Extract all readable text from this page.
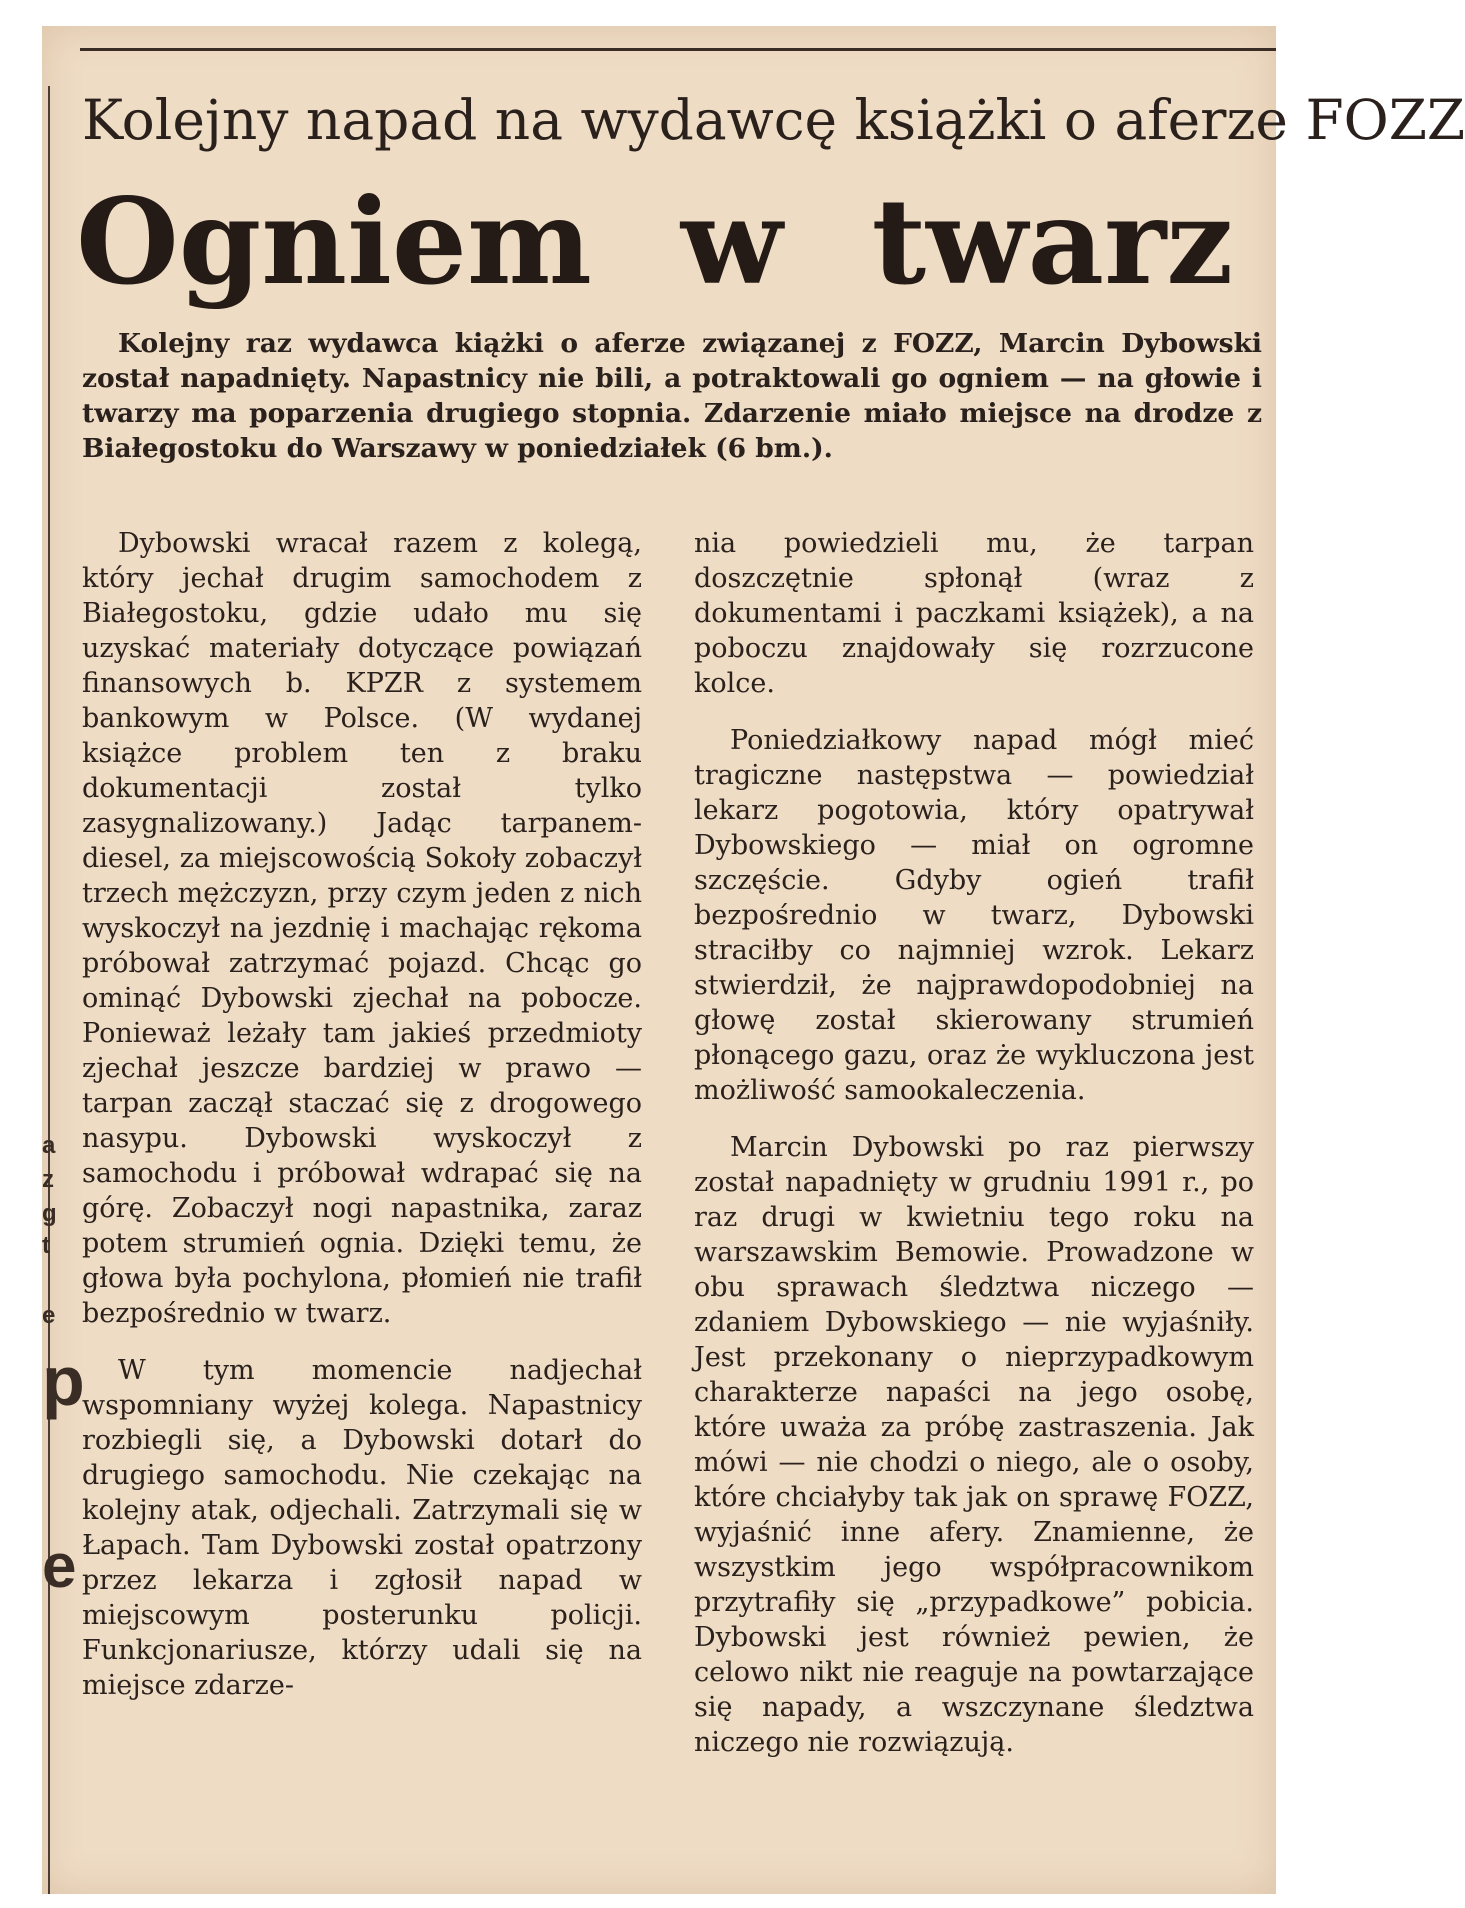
a
z
g
t
e
p
e
Kolejny napad na wydawcę książki o aferze FOZZ
Ogniem w twarz

Kolejny raz wydawca kiążki o aferze związanej z FOZZ, Marcin Dybowski został napadnięty. Napastnicy nie bili, a potraktowali go ogniem — na głowie i twarzy ma poparzenia drugiego stopnia. Zdarzenie miało miejsce na drodze z Białegostoku do Warszawy w poniedziałek (6 bm.).

Dybowski wracał razem z kolegą, który jechał drugim samochodem z Białegostoku, gdzie udało mu się uzyskać materiały dotyczące powiązań finansowych b. KPZR z systemem bankowym w Polsce. (W wydanej książce problem ten z braku dokumentacji został tylko zasygnalizowany.) Jadąc tarpanem-diesel, za miejscowością Sokoły zobaczył trzech mężczyzn, przy czym jeden z nich wyskoczył na jezdnię i machając rękoma próbował zatrzymać pojazd. Chcąc go ominąć Dybowski zjechał na pobocze. Ponieważ leżały tam jakieś przedmioty zjechał jeszcze bardziej w prawo — tarpan zaczął staczać się z drogowego nasypu. Dybowski wyskoczył z samochodu i próbował wdrapać się na górę. Zobaczył nogi napastnika, zaraz potem strumień ognia. Dzięki temu, że głowa była pochylona, płomień nie trafił bezpośrednio w twarz.

W tym momencie nadjechał wspomniany wyżej kolega. Napastnicy rozbiegli się, a Dybowski dotarł do drugiego samochodu. Nie czekając na kolejny atak, odjechali. Zatrzymali się w Łapach. Tam Dybowski został opatrzony przez lekarza i zgłosił napad w miejscowym posterunku policji. Funkcjonariusze, którzy udali się na miejsce zdarze-

nia powiedzieli mu, że tarpan doszczętnie spłonął (wraz z dokumentami i paczkami książek), a na poboczu znajdowały się rozrzucone kolce.

Poniedziałkowy napad mógł mieć tragiczne następstwa — powiedział lekarz pogotowia, który opatrywał Dybowskiego — miał on ogromne szczęście. Gdyby ogień trafił bezpośrednio w twarz, Dybowski straciłby co najmniej wzrok. Lekarz stwierdził, że najprawdopodobniej na głowę został skierowany strumień płonącego gazu, oraz że wykluczona jest możliwość samookaleczenia.

Marcin Dybowski po raz pierwszy został napadnięty w grudniu 1991 r., po raz drugi w kwietniu tego roku na warszawskim Bemowie. Prowadzone w obu sprawach śledztwa niczego — zdaniem Dybowskiego — nie wyjaśniły. Jest przekonany o nieprzypadkowym charakterze napaści na jego osobę, które uważa za próbę zastraszenia. Jak mówi — nie chodzi o niego, ale o osoby, które chciałyby tak jak on sprawę FOZZ, wyjaśnić inne afery. Znamienne, że wszystkim jego współpracownikom przytrafiły się „przypadkowe” pobicia. Dybowski jest również pewien, że celowo nikt nie reaguje na powtarzające się napady, a wszczynane śledztwa niczego nie rozwiązują.
